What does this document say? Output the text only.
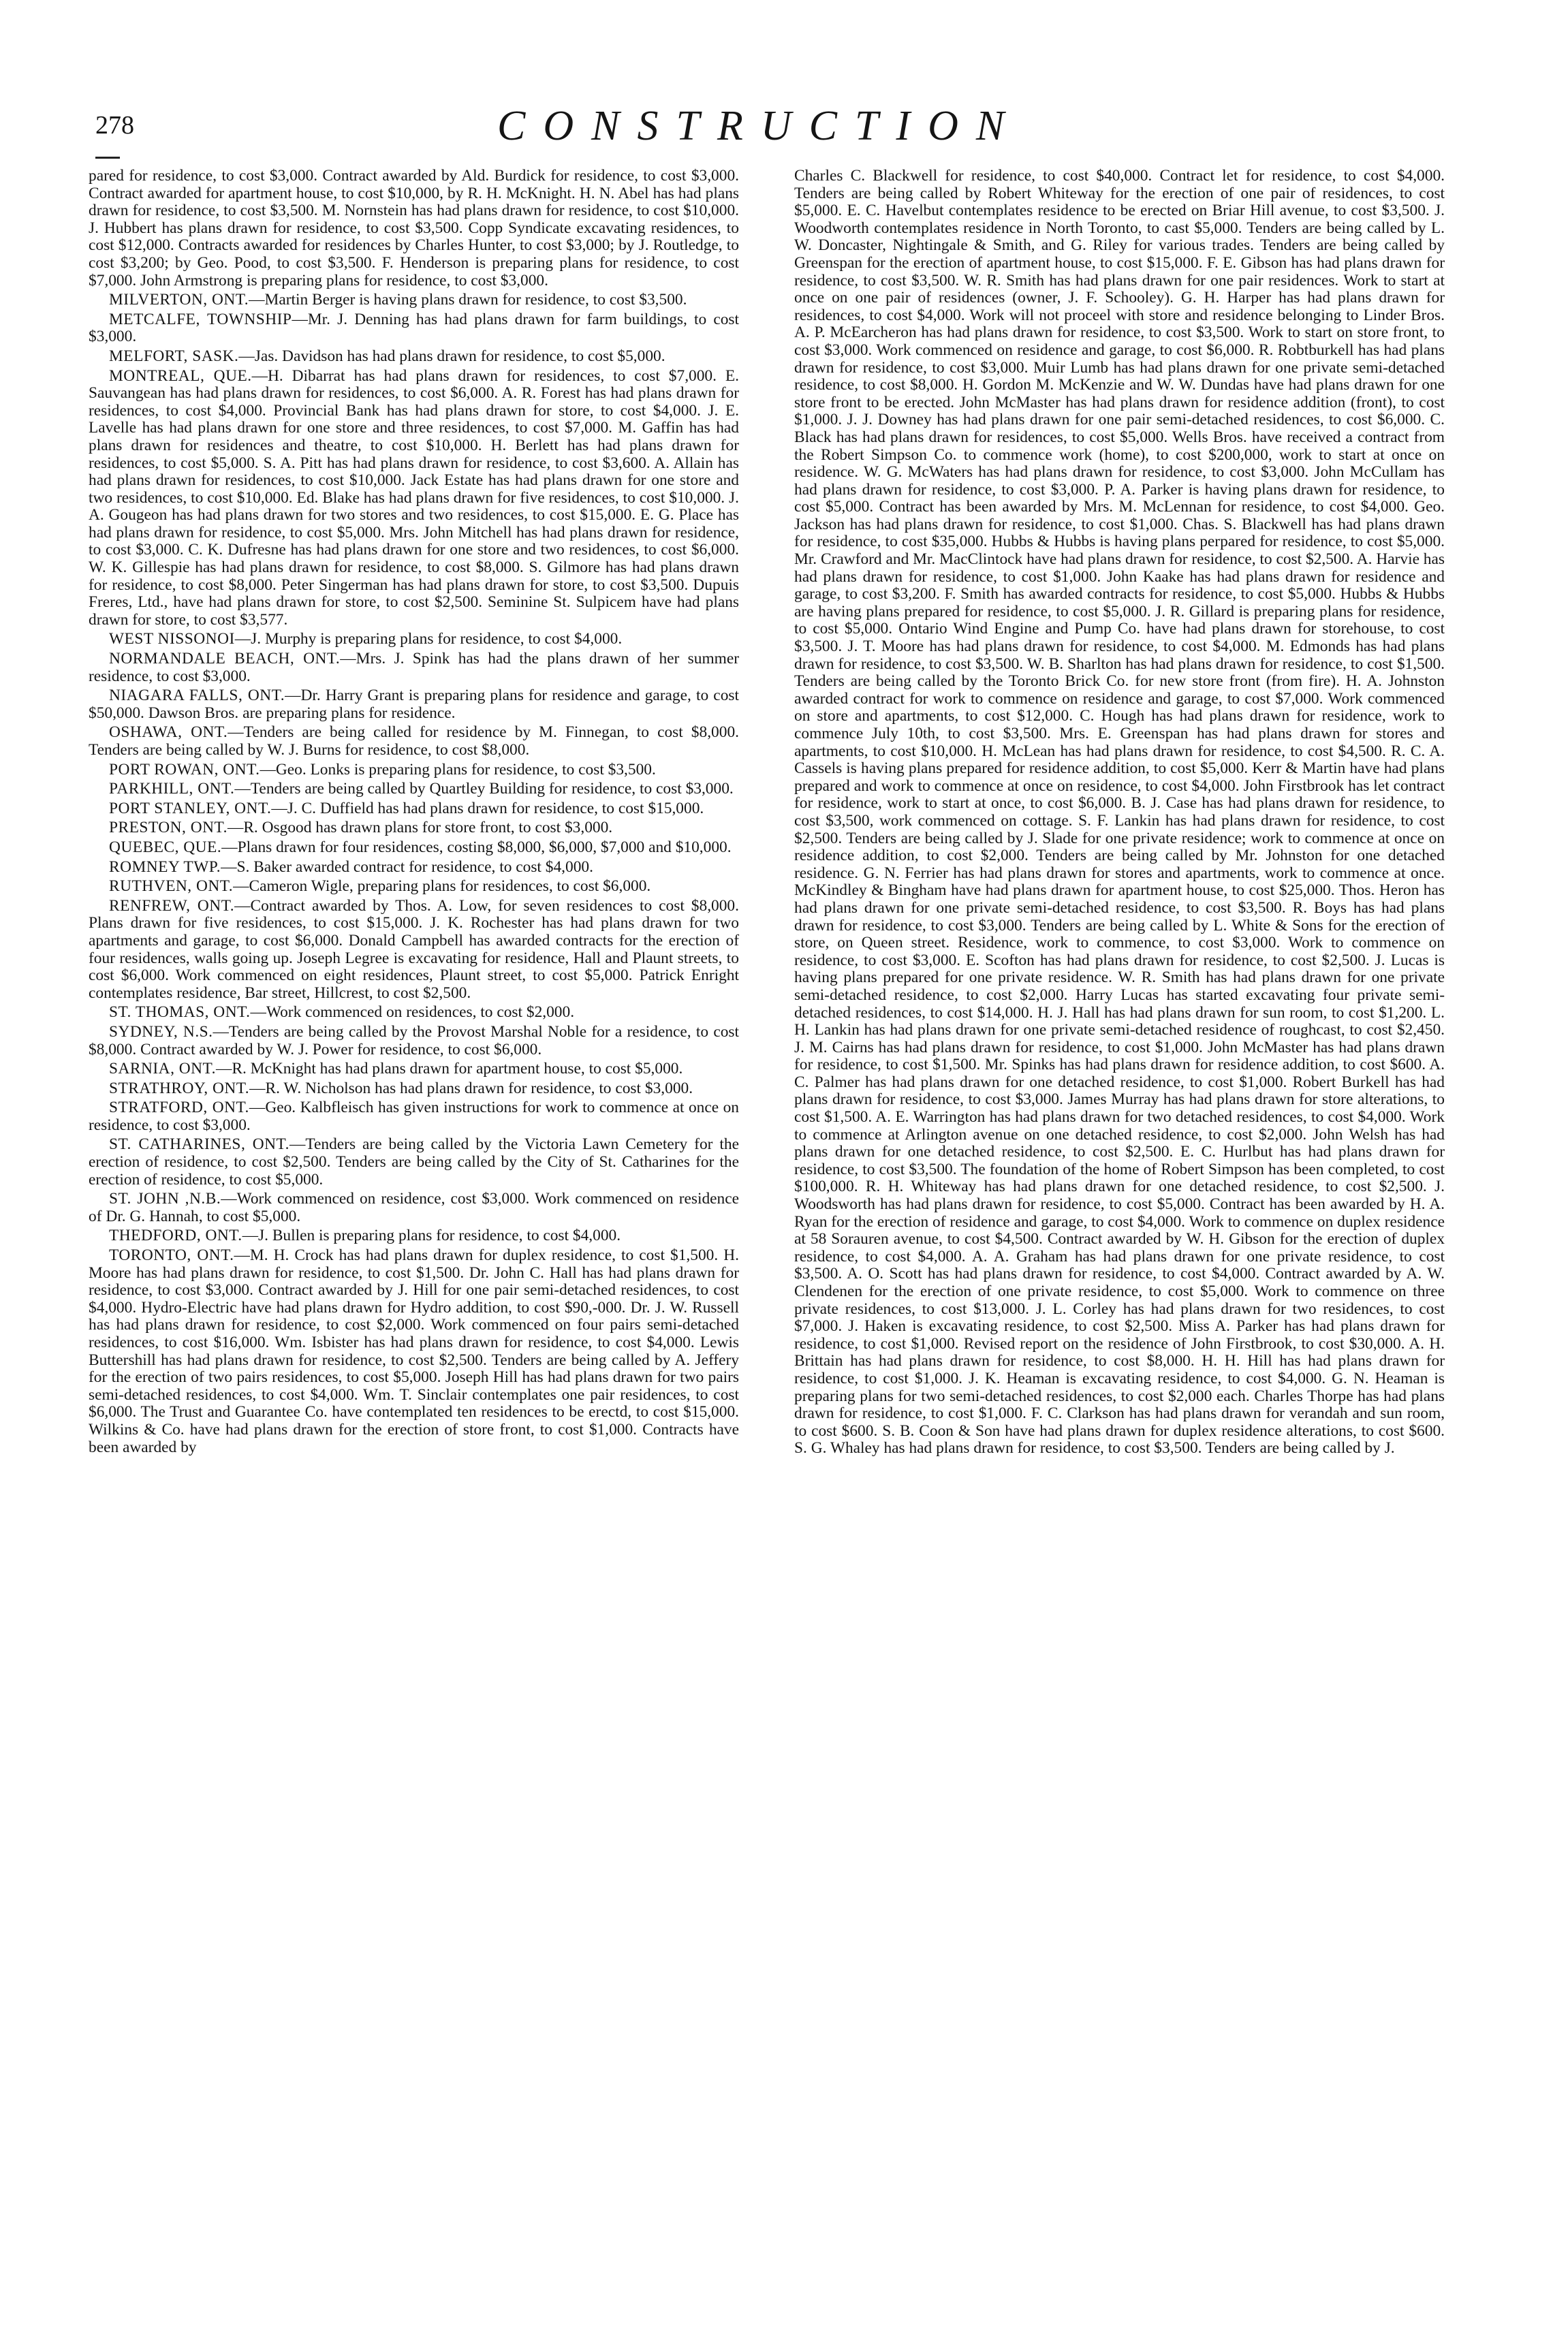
278	CONSTRUCTION

pared for residence, to cost $3,000. Contract awarded by Ald. Burdick for residence, to cost $3,000. Contract awarded for apartment house, to cost $10,000, by R. H. McKnight. H. N. Abel has had plans drawn for residence, to cost $3,500. M. Nornstein has had plans drawn for residence, to cost $10,000. J. Hubbert has plans drawn for residence, to cost $3,500. Copp Syndicate excavating residences, to cost $12,000. Contracts awarded for residences by Charles Hunter, to cost $3,000; by J. Routledge, to cost $3,200; by Geo. Pood, to cost $3,500. F. Henderson is preparing plans for residence, to cost $7,000. John Armstrong is preparing plans for residence, to cost $3,000.

MILVERTON, ONT.—Martin Berger is having plans drawn for residence, to cost $3,500.

METCALFE, TOWNSHIP—Mr. J. Denning has had plans drawn for farm buildings, to cost $3,000.

MELFORT, SASK.—Jas. Davidson has had plans drawn for residence, to cost $5,000.

MONTREAL, QUE.—H. Dibarrat has had plans drawn for residences, to cost $7,000. E. Sauvangean has had plans drawn for residences, to cost $6,000. A. R. Forest has had plans drawn for residences, to cost $4,000. Provincial Bank has had plans drawn for store, to cost $4,000. J. E. Lavelle has had plans drawn for one store and three residences, to cost $7,000. M. Gaffin has had plans drawn for residences and theatre, to cost $10,000. H. Berlett has had plans drawn for residences, to cost $5,000. S. A. Pitt has had plans drawn for residence, to cost $3,600. A. Allain has had plans drawn for residences, to cost $10,000. Jack Estate has had plans drawn for one store and two residences, to cost $10,000. Ed. Blake has had plans drawn for five residences, to cost $10,000. J. A. Gougeon has had plans drawn for two stores and two residences, to cost $15,000. E. G. Place has had plans drawn for residence, to cost $5,000. Mrs. John Mitchell has had plans drawn for residence, to cost $3,000. C. K. Dufresne has had plans drawn for one store and two residences, to cost $6,000. W. K. Gillespie has had plans drawn for residence, to cost $8,000. S. Gilmore has had plans drawn for residence, to cost $8,000. Peter Singerman has had plans drawn for store, to cost $3,500. Dupuis Freres, Ltd., have had plans drawn for store, to cost $2,500. Seminine St. Sulpicem have had plans drawn for store, to cost $3,577.

WEST NISSONOI—J. Murphy is preparing plans for residence, to cost $4,000.

NORMANDALE BEACH, ONT.—Mrs. J. Spink has had the plans drawn of her summer residence, to cost $3,000.

NIAGARA FALLS, ONT.—Dr. Harry Grant is preparing plans for residence and garage, to cost $50,000. Dawson Bros. are preparing plans for residence.

OSHAWA, ONT.—Tenders are being called for residence by M. Finnegan, to cost $8,000. Tenders are being called by W. J. Burns for residence, to cost $8,000.

PORT ROWAN, ONT.—Geo. Lonks is preparing plans for residence, to cost $3,500.

PARKHILL, ONT.—Tenders are being called by Quartley Building for residence, to cost $3,000.

PORT STANLEY, ONT.—J. C. Duffield has had plans drawn for residence, to cost $15,000.

PRESTON, ONT.—R. Osgood has drawn plans for store front, to cost $3,000.

QUEBEC, QUE.—Plans drawn for four residences, costing $8,000, $6,000, $7,000 and $10,000.

ROMNEY TWP.—S. Baker awarded contract for residence, to cost $4,000.

RUTHVEN, ONT.—Cameron Wigle, preparing plans for residences, to cost $6,000.

RENFREW, ONT.—Contract awarded by Thos. A. Low, for seven residences to cost $8,000. Plans drawn for five residences, to cost $15,000. J. K. Rochester has had plans drawn for two apartments and garage, to cost $6,000. Donald Campbell has awarded contracts for the erection of four residences, walls going up. Joseph Legree is excavating for residence, Hall and Plaunt streets, to cost $6,000. Work commenced on eight residences, Plaunt street, to cost $5,000. Patrick Enright contemplates residence, Bar street, Hillcrest, to cost $2,500.

ST. THOMAS, ONT.—Work commenced on residences, to cost $2,000.

SYDNEY, N.S.—Tenders are being called by the Provost Marshal Noble for a residence, to cost $8,000. Contract awarded by W. J. Power for residence, to cost $6,000.

SARNIA, ONT.—R. McKnight has had plans drawn for apartment house, to cost $5,000.

STRATHROY, ONT.—R. W. Nicholson has had plans drawn for residence, to cost $3,000.

STRATFORD, ONT.—Geo. Kalbfleisch has given instructions for work to commence at once on residence, to cost $3,000.

ST. CATHARINES, ONT.—Tenders are being called by the Victoria Lawn Cemetery for the erection of residence, to cost $2,500. Tenders are being called by the City of St. Catharines for the erection of residence, to cost $5,000.

ST. JOHN ,N.B.—Work commenced on residence, cost $3,000. Work commenced on residence of Dr. G. Hannah, to cost $5,000.

THEDFORD, ONT.—J. Bullen is preparing plans for residence, to cost $4,000.

TORONTO, ONT.—M. H. Crock has had plans drawn for duplex residence, to cost $1,500. H. Moore has had plans drawn for residence, to cost $1,500. Dr. John C. Hall has had plans drawn for residence, to cost $3,000. Contract awarded by J. Hill for one pair semi-detached residences, to cost $4,000. Hydro-Electric have had plans drawn for Hydro addition, to cost $90,-000. Dr. J. W. Russell has had plans drawn for residence, to cost $2,000. Work commenced on four pairs semi-detached residences, to cost $16,000. Wm. Isbister has had plans drawn for residence, to cost $4,000. Lewis Buttershill has had plans drawn for residence, to cost $2,500. Tenders are being called by A. Jeffery for the erection of two pairs residences, to cost $5,000. Joseph Hill has had plans drawn for two pairs semi-detached residences, to cost $4,000. Wm. T. Sinclair contemplates one pair residences, to cost $6,000. The Trust and Guarantee Co. have contemplated ten residences to be erectd, to cost $15,000. Wilkins & Co. have had plans drawn for the erection of store front, to cost $1,000. Contracts have been awarded by

Charles C. Blackwell for residence, to cost $40,000. Contract let for residence, to cost $4,000. Tenders are being called by Robert Whiteway for the erection of one pair of residences, to cost $5,000. E. C. Havelbut contemplates residence to be erected on Briar Hill avenue, to cost $3,500. J. Woodworth contemplates residence in North Toronto, to cast $5,000. Tenders are being called by L. W. Doncaster, Nightingale & Smith, and G. Riley for various trades. Tenders are being called by Greenspan for the erection of apartment house, to cost $15,000. F. E. Gibson has had plans drawn for residence, to cost $3,500. W. R. Smith has had plans drawn for one pair residences. Work to start at once on one pair of residences (owner, J. F. Schooley). G. H. Harper has had plans drawn for residences, to cost $4,000. Work will not proceel with store and residence belonging to Linder Bros. A. P. McEarcheron has had plans drawn for residence, to cost $3,500. Work to start on store front, to cost $3,000. Work commenced on residence and garage, to cost $6,000. R. Robtburkell has had plans drawn for residence, to cost $3,000. Muir Lumb has had plans drawn for one private semi-detached residence, to cost $8,000. H. Gordon M. McKenzie and W. W. Dundas have had plans drawn for one store front to be erected. John McMaster has had plans drawn for residence addition (front), to cost $1,000. J. J. Downey has had plans drawn for one pair semi-detached residences, to cost $6,000. C. Black has had plans drawn for residences, to cost $5,000. Wells Bros. have received a contract from the Robert Simpson Co. to commence work (home), to cost $200,000, work to start at once on residence. W. G. McWaters has had plans drawn for residence, to cost $3,000. John McCullam has had plans drawn for residence, to cost $3,000. P. A. Parker is having plans drawn for residence, to cost $5,000. Contract has been awarded by Mrs. M. McLennan for residence, to cost $4,000. Geo. Jackson has had plans drawn for residence, to cost $1,000. Chas. S. Blackwell has had plans drawn for residence, to cost $35,000. Hubbs & Hubbs is having plans perpared for residence, to cost $5,000. Mr. Crawford and Mr. MacClintock have had plans drawn for residence, to cost $2,500. A. Harvie has had plans drawn for residence, to cost $1,000. John Kaake has had plans drawn for residence and garage, to cost $3,200. F. Smith has awarded contracts for residence, to cost $5,000. Hubbs & Hubbs are having plans prepared for residence, to cost $5,000. J. R. Gillard is preparing plans for residence, to cost $5,000. Ontario Wind Engine and Pump Co. have had plans drawn for storehouse, to cost $3,500. J. T. Moore has had plans drawn for residence, to cost $4,000. M. Edmonds has had plans drawn for residence, to cost $3,500. W. B. Sharlton has had plans drawn for residence, to cost $1,500. Tenders are being called by the Toronto Brick Co. for new store front (from fire). H. A. Johnston awarded contract for work to commence on residence and garage, to cost $7,000. Work commenced on store and apartments, to cost $12,000. C. Hough has had plans drawn for residence, work to commence July 10th, to cost $3,500. Mrs. E. Greenspan has had plans drawn for stores and apartments, to cost $10,000. H. McLean has had plans drawn for residence, to cost $4,500. R. C. A. Cassels is having plans prepared for residence addition, to cost $5,000. Kerr & Martin have had plans prepared and work to commence at once on residence, to cost $4,000. John Firstbrook has let contract for residence, work to start at once, to cost $6,000. B. J. Case has had plans drawn for residence, to cost $3,500, work commenced on cottage. S. F. Lankin has had plans drawn for residence, to cost $2,500. Tenders are being called by J. Slade for one private residence; work to commence at once on residence addition, to cost $2,000. Tenders are being called by Mr. Johnston for one detached residence. G. N. Ferrier has had plans drawn for stores and apartments, work to commence at once. McKindley & Bingham have had plans drawn for apartment house, to cost $25,000. Thos. Heron has had plans drawn for one private semi-detached residence, to cost $3,500. R. Boys has had plans drawn for residence, to cost $3,000. Tenders are being called by L. White & Sons for the erection of store, on Queen street. Residence, work to commence, to cost $3,000. Work to commence on residence, to cost $3,000. E. Scofton has had plans drawn for residence, to cost $2,500. J. Lucas is having plans prepared for one private residence. W. R. Smith has had plans drawn for one private semi-detached residence, to cost $2,000. Harry Lucas has started excavating four private semi-detached residences, to cost $14,000. H. J. Hall has had plans drawn for sun room, to cost $1,200. L. H. Lankin has had plans drawn for one private semi-detached residence of roughcast, to cost $2,450. J. M. Cairns has had plans drawn for residence, to cost $1,000. John McMaster has had plans drawn for residence, to cost $1,500. Mr. Spinks has had plans drawn for residence addition, to cost $600. A. C. Palmer has had plans drawn for one detached residence, to cost $1,000. Robert Burkell has had plans drawn for residence, to cost $3,000. James Murray has had plans drawn for store alterations, to cost $1,500. A. E. Warrington has had plans drawn for two detached residences, to cost $4,000. Work to commence at Arlington avenue on one detached residence, to cost $2,000. John Welsh has had plans drawn for one detached residence, to cost $2,500. E. C. Hurlbut has had plans drawn for residence, to cost $3,500. The foundation of the home of Robert Simpson has been completed, to cost $100,000. R. H. Whiteway has had plans drawn for one detached residence, to cost $2,500. J. Woodsworth has had plans drawn for residence, to cost $5,000. Contract has been awarded by H. A. Ryan for the erection of residence and garage, to cost $4,000. Work to commence on duplex residence at 58 Sorauren avenue, to cost $4,500. Contract awarded by W. H. Gibson for the erection of duplex residence, to cost $4,000. A. A. Graham has had plans drawn for one private residence, to cost $3,500. A. O. Scott has had plans drawn for residence, to cost $4,000. Contract awarded by A. W. Clendenen for the erection of one private residence, to cost $5,000. Work to commence on three private residences, to cost $13,000. J. L. Corley has had plans drawn for two residences, to cost $7,000. J. Haken is excavating residence, to cost $2,500. Miss A. Parker has had plans drawn for residence, to cost $1,000. Revised report on the residence of John Firstbrook, to cost $30,000. A. H. Brittain has had plans drawn for residence, to cost $8,000. H. H. Hill has had plans drawn for residence, to cost $1,000. J. K. Heaman is excavating residence, to cost $4,000. G. N. Heaman is preparing plans for two semi-detached residences, to cost $2,000 each. Charles Thorpe has had plans drawn for residence, to cost $1,000. F. C. Clarkson has had plans drawn for verandah and sun room, to cost $600. S. B. Coon & Son have had plans drawn for duplex residence alterations, to cost $600. S. G. Whaley has had plans drawn for residence, to cost $3,500. Tenders are being called by J.
